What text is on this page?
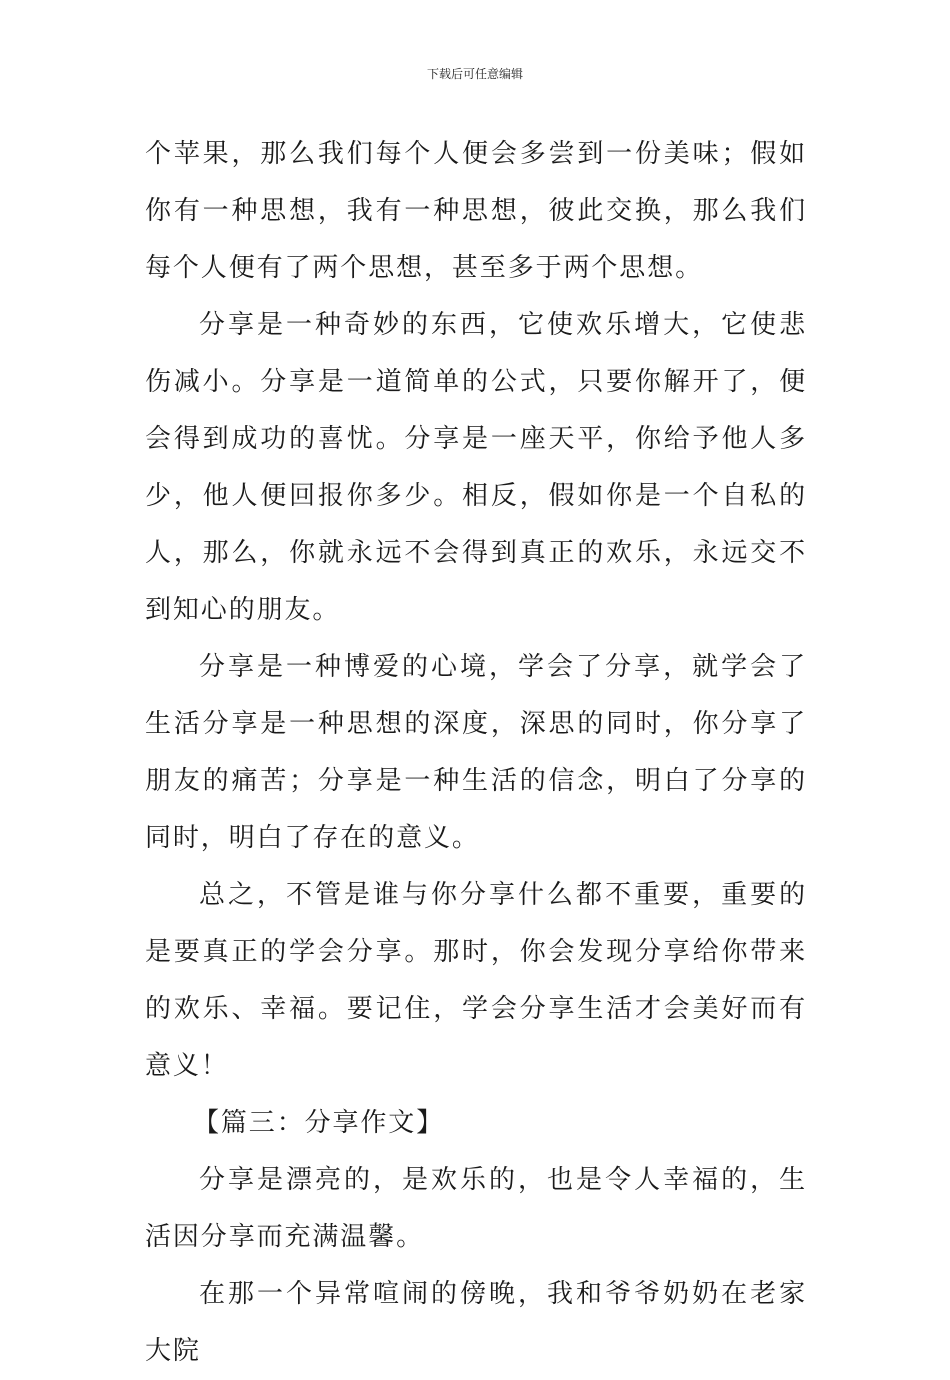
下载后可任意编辑

个苹果，那么我们每个人便会多尝到一份美味；假如你有一种思想，我有一种思想，彼此交换，那么我们每个人便有了两个思想，甚至多于两个思想。

分享是一种奇妙的东西，它使欢乐增大，它使悲伤减小。分享是一道简单的公式，只要你解开了，便会得到成功的喜忧。分享是一座天平，你给予他人多少，他人便回报你多少。相反，假如你是一个自私的人，那么，你就永远不会得到真正的欢乐，永远交不到知心的朋友。

分享是一种博爱的心境，学会了分享，就学会了生活分享是一种思想的深度，深思的同时，你分享了朋友的痛苦；分享是一种生活的信念，明白了分享的同时，明白了存在的意义。

总之，不管是谁与你分享什么都不重要，重要的是要真正的学会分享。那时，你会发现分享给你带来的欢乐、幸福。要记住，学会分享生活才会美好而有意义！

【篇三：分享作文】

分享是漂亮的，是欢乐的，也是令人幸福的，生活因分享而充满温馨。

在那一个异常喧闹的傍晚，我和爷爷奶奶在老家大院
